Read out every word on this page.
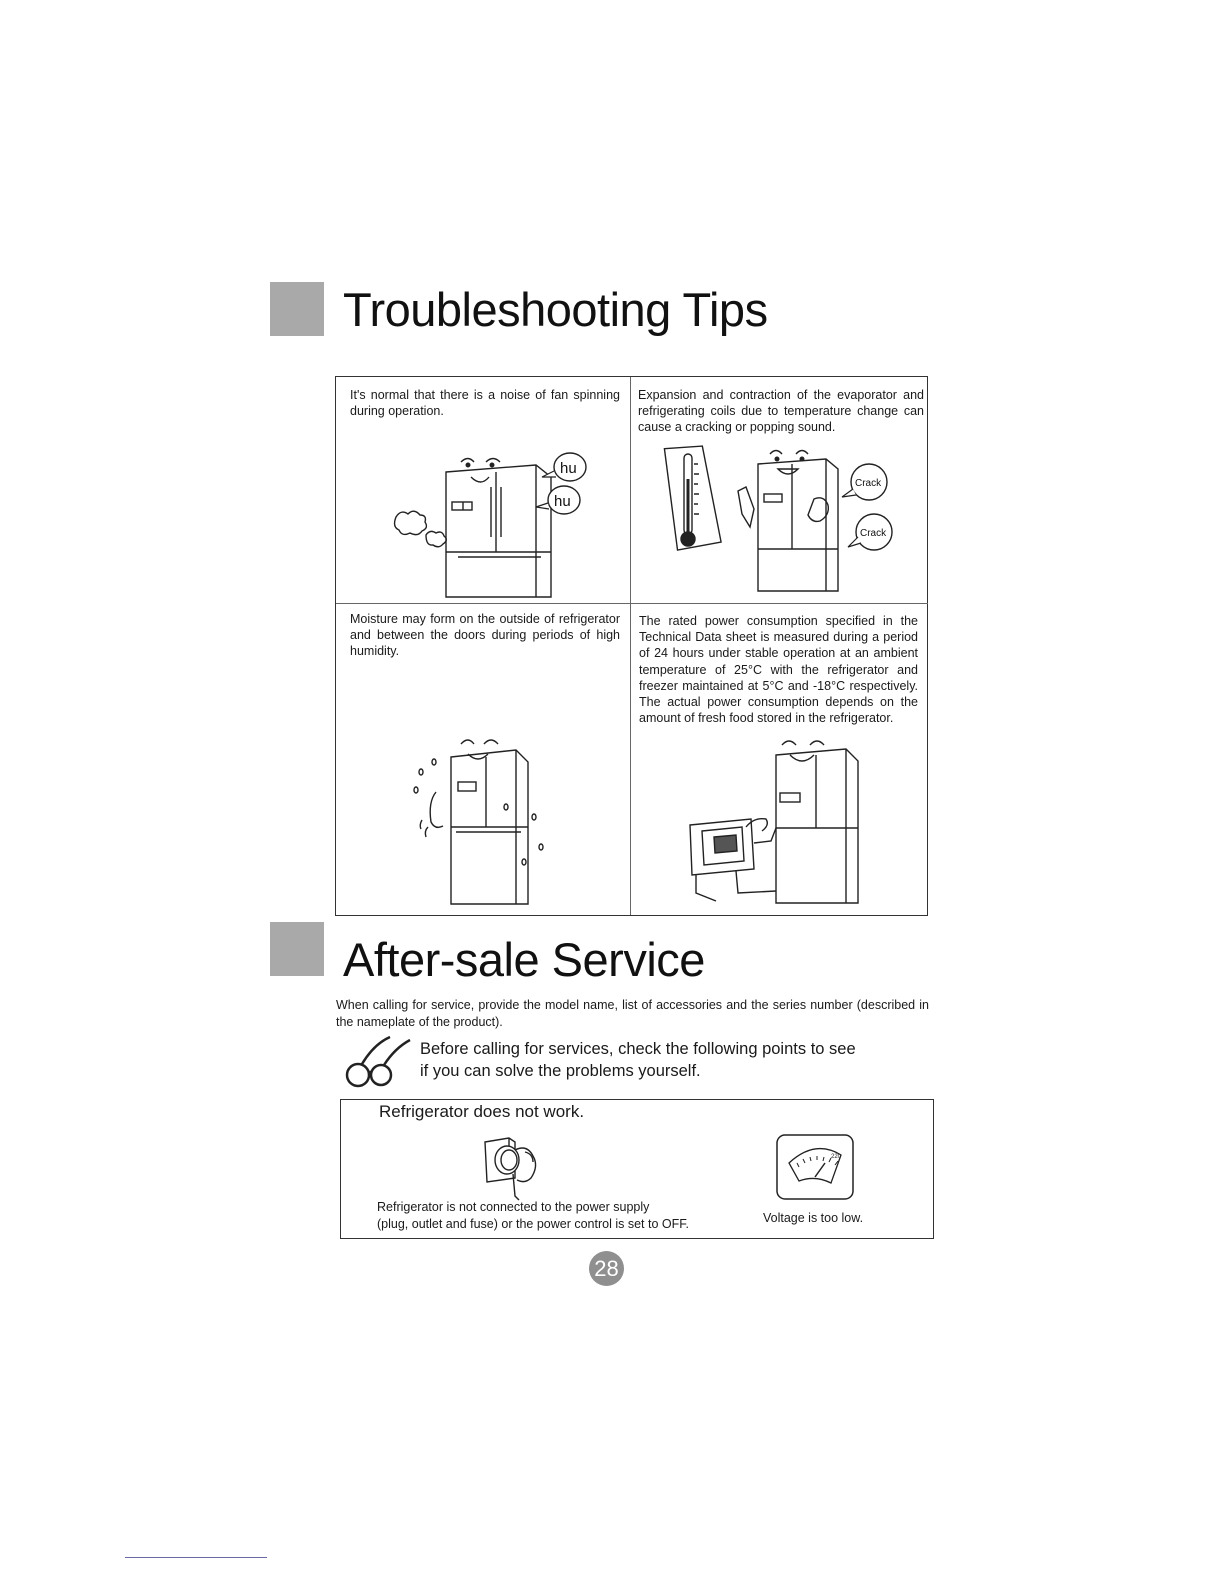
Troubleshooting Tips
It's normal that there is a noise of fan spinning during operation.
hu
hu
Expansion and contraction of the evaporator and refrigerating coils due to temperature change can cause a cracking or popping sound.
Crack
Crack
Moisture may form on the outside of refrigerator and between the doors during periods of high humidity.
The rated power consumption specified in the Technical Data sheet is measured during a period of 24 hours under stable operation at an ambient temperature of 25°C with the refrigerator and freezer maintained at 5°C and -18°C respectively. The actual power consumption depends on the amount of fresh food stored in the refrigerator.
After-sale Service
When calling for service, provide the model name, list of accessories and the series number (described in the nameplate of the product).
Before calling for services, check the following points to see
if you can solve the problems yourself.
Refrigerator does not work.
Refrigerator is not connected to the power supply
(plug, outlet and fuse) or the power control is set to OFF.
220
Voltage is too low.
28
